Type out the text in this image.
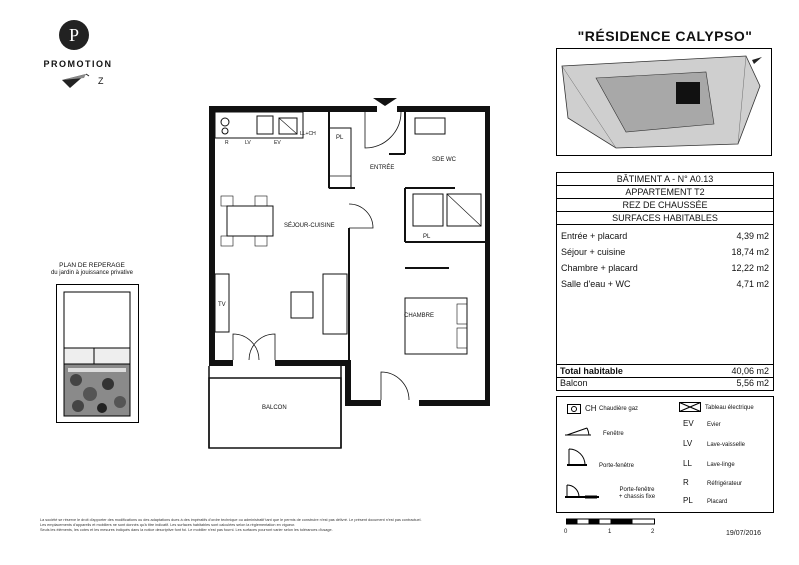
P
Z
PROMOTION
"RÉSIDENCE CALYPSO"
BÂTIMENT A - N° A0.13
APPARTEMENT T2
REZ DE CHAUSSÉE
SURFACES HABITABLES
Entrée + placard	4,39 m2
Séjour + cuisine	18,74 m2
Chambre + placard	12,22 m2
Salle d'eau + WC	4,71 m2
Total habitable	40,06 m2
Balcon	5,56 m2
CH Chaudière gaz
Fenêtre
Porte-fenêtre
Porte-fenêtre + chassis fixe
Tableau électrique
EV Evier
LV Lave-vaisselle
LL	Lave-linge
R	Réfrigérateur
PL Placard
PLAN DE REPERAGE
du jardin à jouissance privative
ENTRÉE
SÉJOUR-CUISINE
SDE WC
CHAMBRE
BALCON
PL
PL
TV
LL+CH
R	LV	EV
0	1	2	19/07/2016
La société se réserve le droit d'apporter des modifications ou des adaptations dues à des impératifs d'ordre technique ou administratif tant que le permis de construire n'est pas délivré. Le présent document n'est pas contractuel.
Les emplacements d'appareils et mobiliers ne sont donnés qu'à titre indicatif. Les surfaces habitables sont calculées selon la réglementation en vigueur.
Seuls les éléments, les cotes et les mesures indiqués dans la notice descriptive font foi. Le mobilier n'est pas fourni. Les surfaces pourront varier selon les tolérances d'usage.
